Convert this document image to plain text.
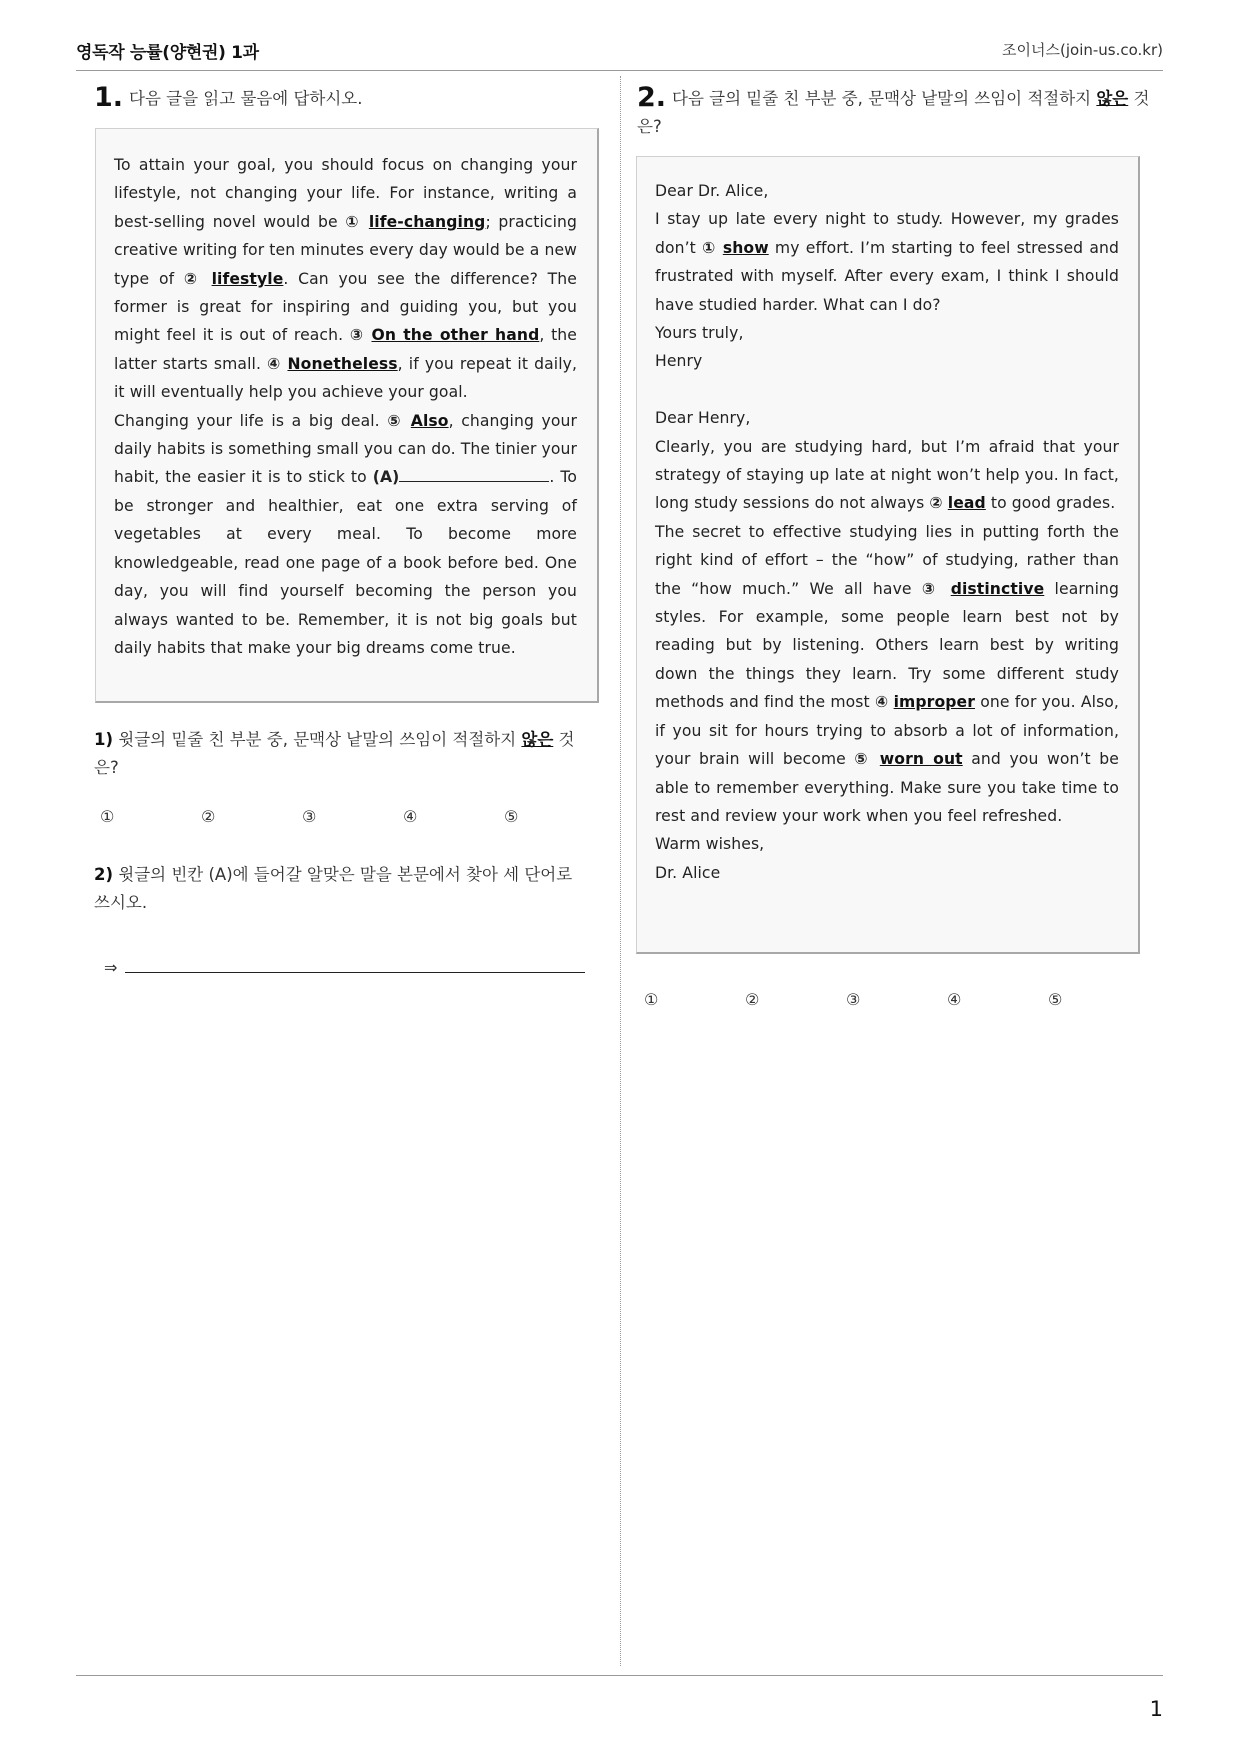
영독작 능률(양현권) 1과	조이너스(join-us.co.kr)
1. 다음 글을 읽고 물음에 답하시오.

To attain your goal, you should focus on changing your lifestyle, not changing your life. For instance, writing a best-selling novel would be ① life-changing; practicing creative writing for ten minutes every day would be a new type of ② lifestyle. Can you see the difference? The former is great for inspiring and guiding you, but you might feel it is out of reach. ③ On the other hand, the latter starts small. ④ Nonetheless, if you repeat it daily, it will eventually help you achieve your goal.

Changing your life is a big deal. ⑤ Also, changing your daily habits is something small you can do. The tinier your habit, the easier it is to stick to (A)	. To be stronger and healthier, eat one extra serving of vegetables at every meal. To become more knowledgeable, read one page of a book before bed. One day, you will find yourself becoming the person you always wanted to be. Remember, it is not big goals but daily habits that make your big dreams come true.

1) 윗글의 밑줄 친 부분 중, 문맥상 낱말의 쓰임이 적절하지 않은 것은?
①	②	③	④	⑤
2) 윗글의 빈칸 (A)에 들어갈 알맞은 말을 본문에서 찾아 세 단어로 쓰시오.
⇒
2. 다음 글의 밑줄 친 부분 중, 문맥상 낱말의 쓰임이 적절하지 않은 것은?

Dear Dr. Alice,

I stay up late every night to study. However, my grades don’t ① show my effort. I’m starting to feel stressed and frustrated with myself. After every exam, I think I should have studied harder. What can I do?

Yours truly,

Henry

Dear Henry,

Clearly, you are studying hard, but I’m afraid that your strategy of staying up late at night won’t help you. In fact, long study sessions do not always ② lead to good grades.

The secret to effective studying lies in putting forth the right kind of effort – the “how” of studying, rather than the “how much.” We all have ③ distinctive learning styles. For example, some people learn best not by reading but by listening. Others learn best by writing down the things they learn. Try some different study methods and find the most ④ improper one for you. Also, if you sit for hours trying to absorb a lot of information, your brain will become ⑤ worn out and you won’t be able to remember everything. Make sure you take time to rest and review your work when you feel refreshed.

Warm wishes,

Dr. Alice

①	②	③	④	⑤
1
